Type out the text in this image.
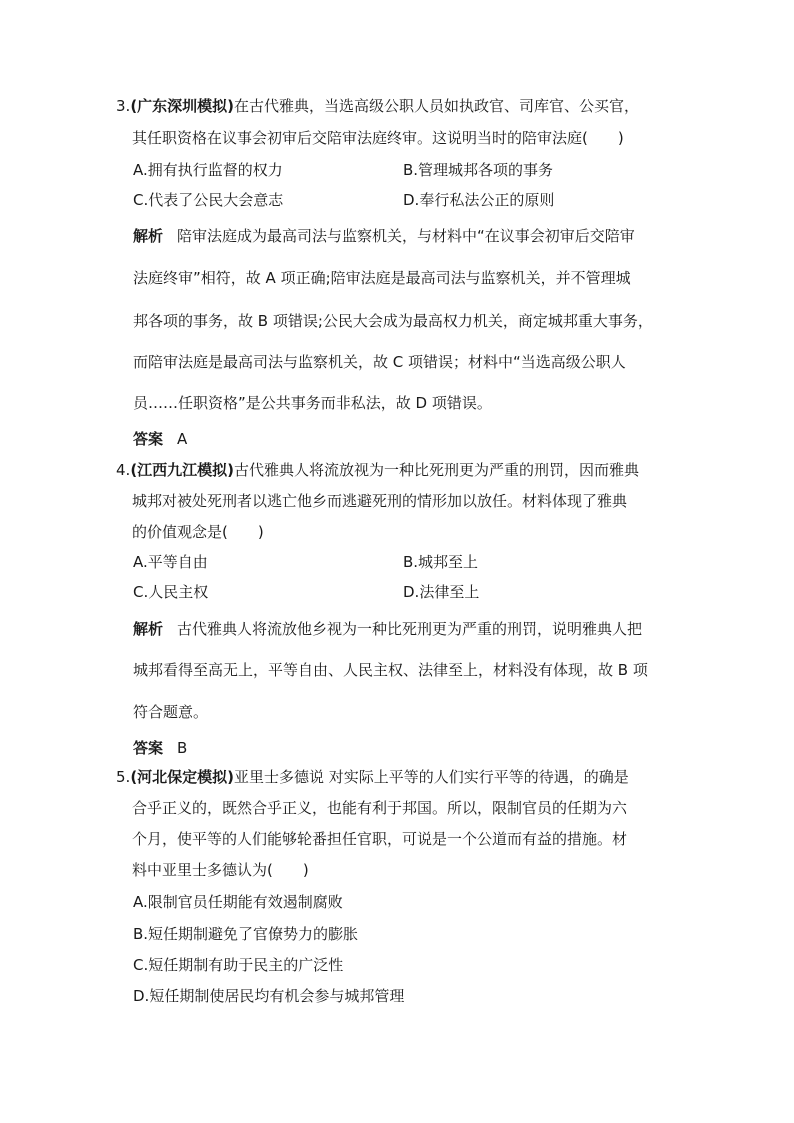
3.(广东深圳模拟)在古代雅典，当选高级公职人员如执政官、司库官、公买官，
其任职资格在议事会初审后交陪审法庭终审。这说明当时的陪审法庭(　　)
A.拥有执行监督的权力	B.管理城邦各项的事务
C.代表了公民大会意志	D.奉行私法公正的原则
解析 陪审法庭成为最高司法与监察机关，与材料中“在议事会初审后交陪审
法庭终审”相符，故 A 项正确;陪审法庭是最高司法与监察机关，并不管理城
邦各项的事务，故 B 项错误;公民大会成为最高权力机关，商定城邦重大事务，
而陪审法庭是最高司法与监察机关，故 C 项错误；材料中“当选高级公职人
员……任职资格”是公共事务而非私法，故 D 项错误。
答案 A
4.(江西九江模拟)古代雅典人将流放视为一种比死刑更为严重的刑罚，因而雅典
城邦对被处死刑者以逃亡他乡而逃避死刑的情形加以放任。材料体现了雅典
的价值观念是(　　)
A.平等自由	B.城邦至上
C.人民主权	D.法律至上
解析 古代雅典人将流放他乡视为一种比死刑更为严重的刑罚，说明雅典人把
城邦看得至高无上，平等自由、人民主权、法律至上，材料没有体现，故 B 项
符合题意。
答案 B
5.(河北保定模拟)亚里士多德说 对实际上平等的人们实行平等的待遇，的确是
合乎正义的，既然合乎正义，也能有利于邦国。所以，限制官员的任期为六
个月，使平等的人们能够轮番担任官职，可说是一个公道而有益的措施。材
料中亚里士多德认为(　　)
A.限制官员任期能有效遏制腐败
B.短任期制避免了官僚势力的膨胀
C.短任期制有助于民主的广泛性
D.短任期制使居民均有机会参与城邦管理
